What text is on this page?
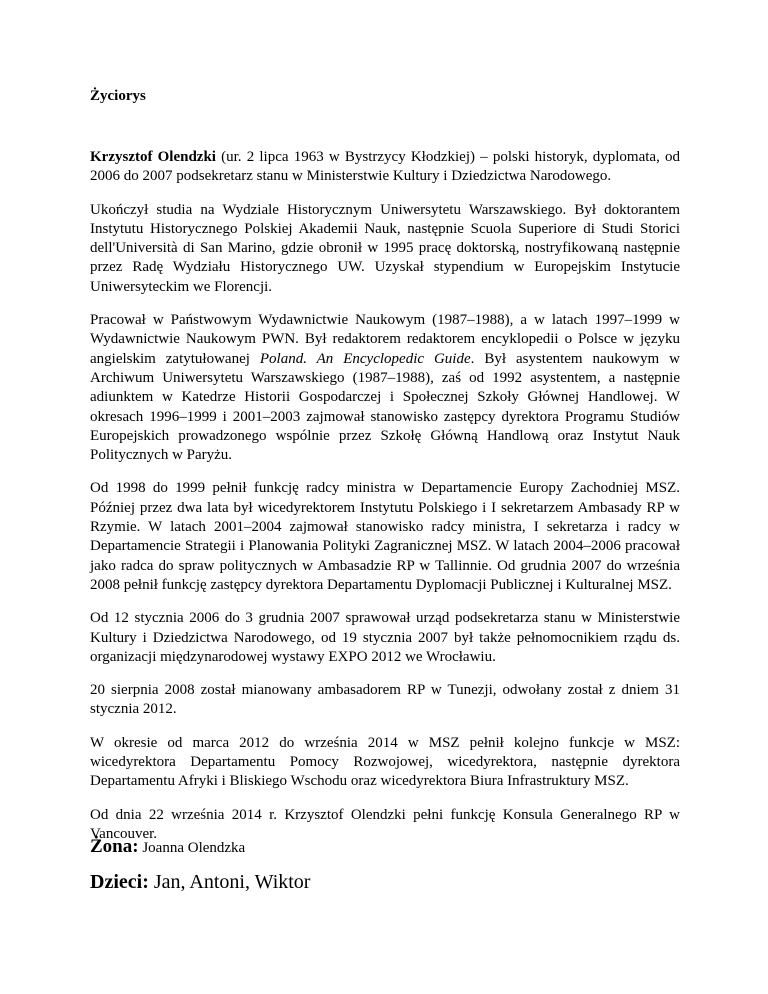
Życiorys

Krzysztof Olendzki (ur. 2 lipca 1963 w Bystrzycy Kłodzkiej) – polski historyk, dyplomata, od 2006 do 2007 podsekretarz stanu w Ministerstwie Kultury i Dziedzictwa Narodowego.

Ukończył studia na Wydziale Historycznym Uniwersytetu Warszawskiego. Był doktorantem Instytutu Historycznego Polskiej Akademii Nauk, następnie Scuola Superiore di Studi Storici dell'Università di San Marino, gdzie obronił w 1995 pracę doktorską, nostryfikowaną następnie przez Radę Wydziału Historycznego UW. Uzyskał stypendium w Europejskim Instytucie Uniwersyteckim we Florencji.

Pracował w Państwowym Wydawnictwie Naukowym (1987–1988), a w latach 1997–1999 w Wydawnictwie Naukowym PWN. Był redaktorem redaktorem encyklopedii o Polsce w języku angielskim zatytułowanej Poland. An Encyclopedic Guide. Był asystentem naukowym w Archiwum Uniwersytetu Warszawskiego (1987–1988), zaś od 1992 asystentem, a następnie adiunktem w Katedrze Historii Gospodarczej i Społecznej Szkoły Głównej Handlowej. W okresach 1996–1999 i 2001–2003 zajmował stanowisko zastępcy dyrektora Programu Studiów Europejskich prowadzonego wspólnie przez Szkołę Główną Handlową oraz Instytut Nauk Politycznych w Paryżu.

Od 1998 do 1999 pełnił funkcję radcy ministra w Departamencie Europy Zachodniej MSZ. Później przez dwa lata był wicedyrektorem Instytutu Polskiego i I sekretarzem Ambasady RP w Rzymie. W latach 2001–2004 zajmował stanowisko radcy ministra, I sekretarza i radcy w Departamencie Strategii i Planowania Polityki Zagranicznej MSZ. W latach 2004–2006 pracował jako radca do spraw politycznych w Ambasadzie RP w Tallinnie. Od grudnia 2007 do września 2008 pełnił funkcję zastępcy dyrektora Departamentu Dyplomacji Publicznej i Kulturalnej MSZ.

Od 12 stycznia 2006 do 3 grudnia 2007 sprawował urząd podsekretarza stanu w Ministerstwie Kultury i Dziedzictwa Narodowego, od 19 stycznia 2007 był także pełnomocnikiem rządu ds. organizacji międzynarodowej wystawy EXPO 2012 we Wrocławiu.

20 sierpnia 2008 został mianowany ambasadorem RP w Tunezji, odwołany został z dniem 31 stycznia 2012.

W okresie od marca 2012 do września 2014 w MSZ pełnił kolejno funkcje w MSZ: wicedyrektora Departamentu Pomocy Rozwojowej, wicedyrektora, następnie dyrektora Departamentu Afryki i Bliskiego Wschodu oraz wicedyrektora Biura Infrastruktury MSZ.

Od dnia 22 września 2014 r. Krzysztof Olendzki pełni funkcję Konsula Generalnego RP w Vancouver.

Żona: Joanna Olendzka
Dzieci: Jan, Antoni, Wiktor
